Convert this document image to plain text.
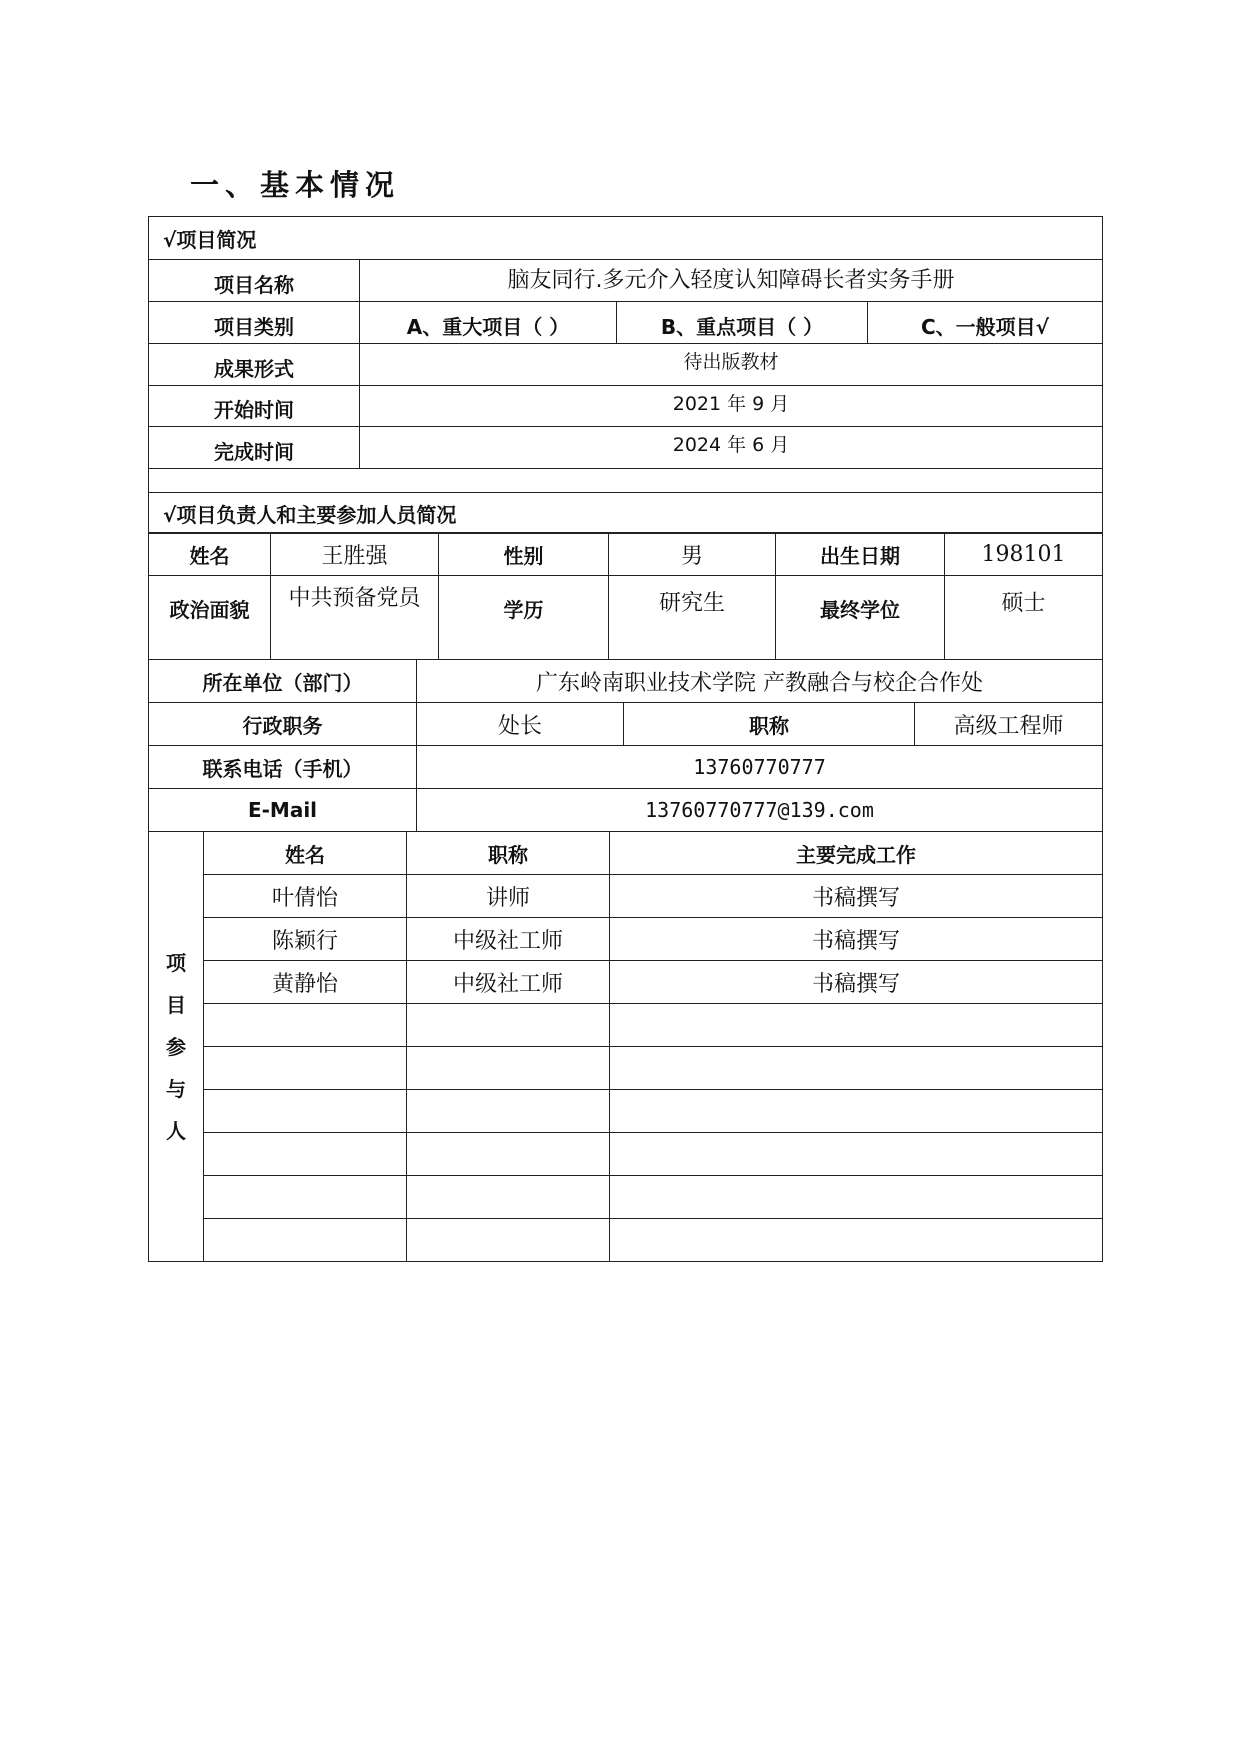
一、基本情况
√项目简况			
项目名称	脑友同行.多元介入轻度认知障碍长者实务手册		
项目类别	A、重大项目（ ）	B、重点项目（ ）	C、一般项目√
成果形式	待出版教材		
开始时间	2021 年 9 月		
完成时间	2024 年 6 月		

√项目负责人和主要参加人员简况			
姓名	王胜强	性别	男	出生日期	198101
政治面貌	中共预备党员	学历	研究生	最终学位	硕士
所在单位（部门）	广东岭南职业技术学院 产教融合与校企合作处		
行政职务	处长	职称	高级工程师
联系电话（手机）	13760770777		
E-Mail	13760770777@139.com		
项目参与人	姓名	职称	主要完成工作
	叶倩怡	讲师	书稿撰写
	陈颖行	中级社工师	书稿撰写
	黄静怡	中级社工师	书稿撰写
